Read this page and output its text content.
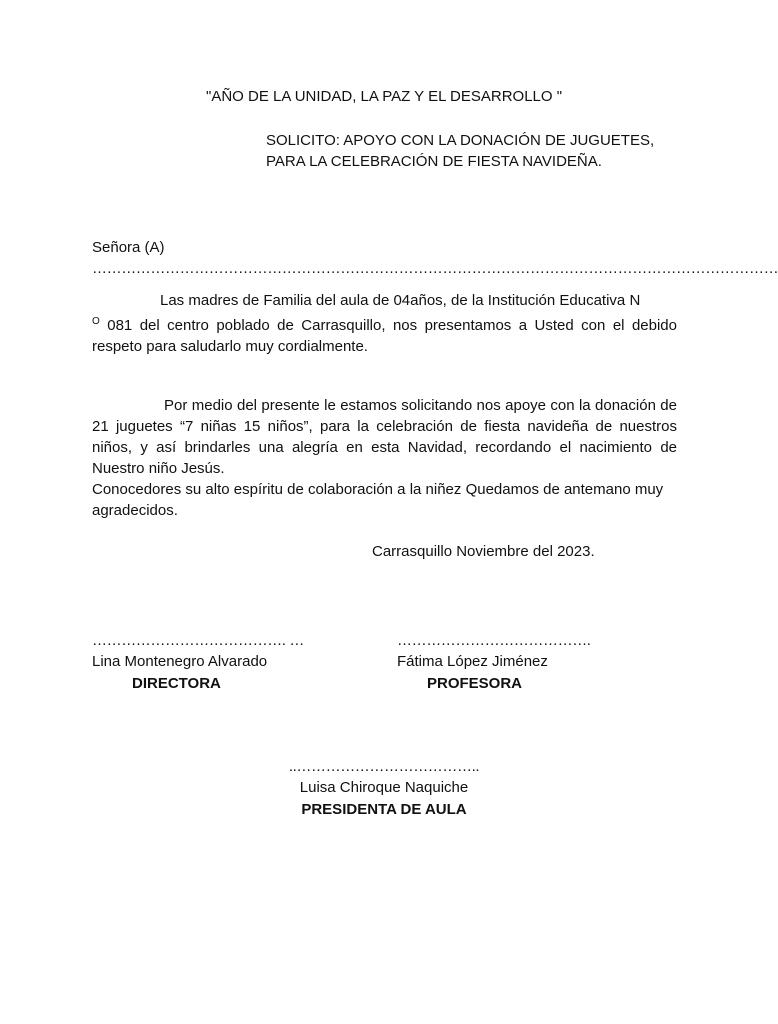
"AÑO DE LA UNIDAD, LA PAZ Y EL DESARROLLO "
SOLICITO: APOYO CON LA DONACIÓN DE JUGUETES,
PARA LA CELEBRACIÓN DE FIESTA NAVIDEÑA.
Señora (A)
……………………………………………………………………………………………………………………………
Las madres de Familia del aula de 04años, de la Institución Educativa N
$^O$ 081 del centro poblado de Carrasquillo, nos presentamos a Usted con el debido respeto para saludarlo muy cordialmente.
Por medio del presente le estamos solicitando nos apoye con la donación de 21 juguetes “7 niñas 15 niños”, para la celebración de fiesta navideña de nuestros niños, y así brindarles una alegría en esta Navidad, recordando el nacimiento de Nuestro niño Jesús.
Conocedores su alto espíritu de colaboración a la niñez Quedamos de antemano muy agradecidos.
Carrasquillo Noviembre del 2023.
…………………………………. …
Lina Montenegro Alvarado
DIRECTORA
………………………………….
Fátima López Jiménez
PROFESORA
..………………………………..
Luisa Chiroque Naquiche
PRESIDENTA DE AULA
